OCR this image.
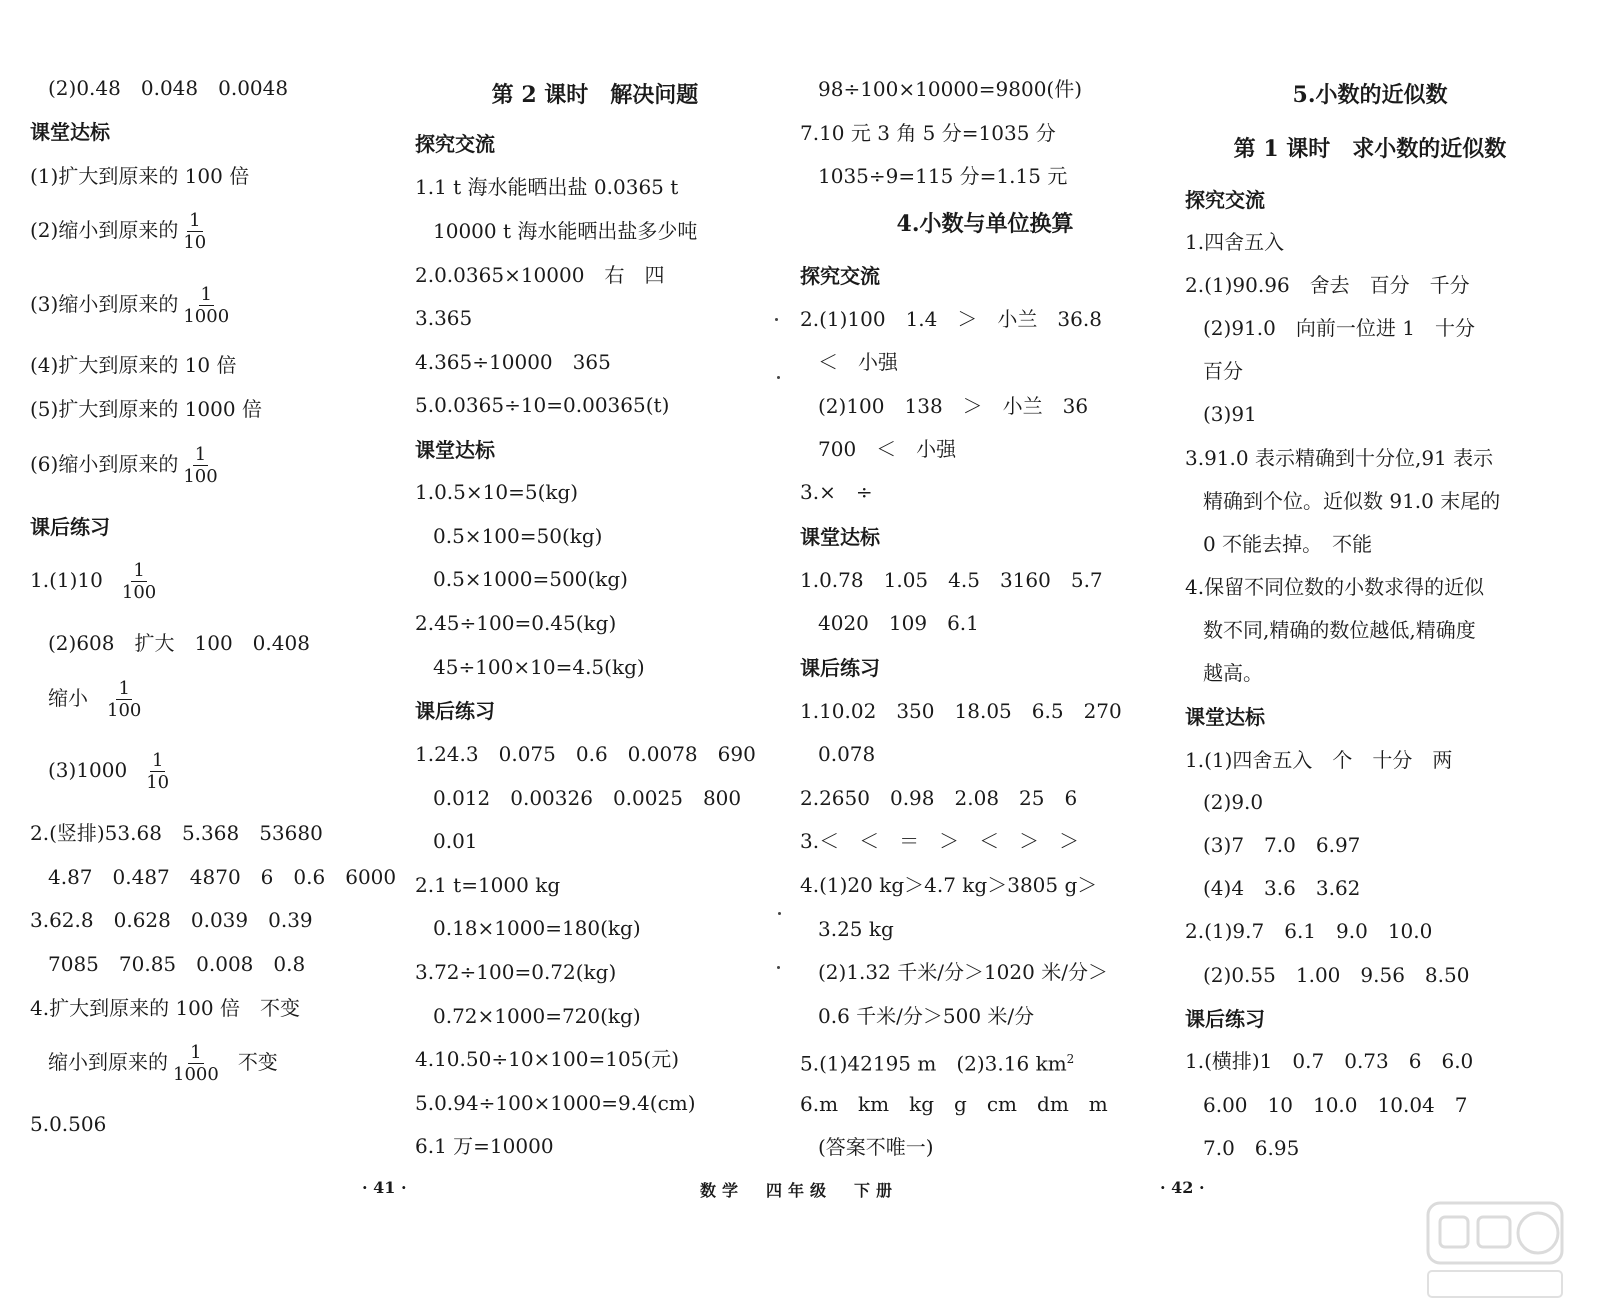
(2)0.48　0.048　0.0048
课堂达标
(1)扩大到原来的 100 倍
(2)缩小到原来的 $\frac{1}{10}$
(3)缩小到原来的 $\frac{1}{1000}$
(4)扩大到原来的 10 倍
(5)扩大到原来的 1000 倍
(6)缩小到原来的 $\frac{1}{100}$
课后练习
$1.(1)10 \frac{1}{100}$
(2)608　扩大　100　0.408
缩小 $\frac{1}{100}$
$(3)1000 \frac{1}{10}$
2.(竖排)53.68　5.368　53680
4.87　0.487　4870　6　0.6　6000
3.62.8　0.628　0.039　0.39
7085　70.85　0.008　0.8
4.扩大到原来的 100 倍　不变
缩小到原来的 $\frac{1}{1000}$ 不变
5.0.506
第 2 课时　解决问题
探究交流
1.1 t 海水能晒出盐 0.0365 t
10000 t 海水能晒出盐多少吨
2.0.0365×10000　右　四
3.365
4.365÷10000　365
5.0.0365÷10=0.00365(t)
课堂达标
1.0.5×10=5(kg)
0.5×100=50(kg)
0.5×1000=500(kg)
2.45÷100=0.45(kg)
45÷100×10=4.5(kg)
课后练习
1.24.3　0.075　0.6　0.0078　690
0.012　0.00326　0.0025　800
0.01
2.1 t=1000 kg
0.18×1000=180(kg)
3.72÷100=0.72(kg)
0.72×1000=720(kg)
4.10.50÷10×100=105(元)
5.0.94÷100×1000=9.4(cm)
6.1 万=10000
98÷100×10000=9800(件)
7.10 元 3 角 5 分=1035 分
1035÷9=115 分=1.15 元
4.小数与单位换算
探究交流
2.(1)100　1.4　＞　小兰　36.8
＜　小强
(2)100　138　＞　小兰　36
700　＜　小强
3.×　÷
课堂达标
1.0.78　1.05　4.5　3160　5.7
4020　109　6.1
课后练习
1.10.02　350　18.05　6.5　270
0.078
2.2650　0.98　2.08　25　6
3.＜　＜　＝　＞　＜　＞　＞
4.(1)20 kg＞4.7 kg＞3805 g＞
3.25 kg
(2)1.32 千米/分＞1020 米/分＞
0.6 千米/分＞500 米/分
5.(1)42195 m　(2)3.16 $km^2$
6.m　km　kg　g　cm　dm　m
(答案不唯一)
5.小数的近似数
第 1 课时　求小数的近似数
探究交流
1.四舍五入
2.(1)90.96　舍去　百分　千分
(2)91.0　向前一位进 1　十分
百分
(3)91
3.91.0 表示精确到十分位,91 表示
精确到个位。近似数 91.0 末尾的
0 不能去掉。　不能
4.保留不同位数的小数求得的近似
数不同,精确的数位越低,精确度
越高。
课堂达标
1.(1)四舍五入　个　十分　两
(2)9.0
(3)7　7.0　6.97
(4)4　3.6　3.62
2.(1)9.7　6.1　9.0　10.0
(2)0.55　1.00　9.56　8.50
课后练习
1.(横排)1　0.7　0.73　6　6.0
6.00　10　10.0　10.04　7
7.0　6.95
· 41 ·	数学　四年级　下册	· 42 ·
